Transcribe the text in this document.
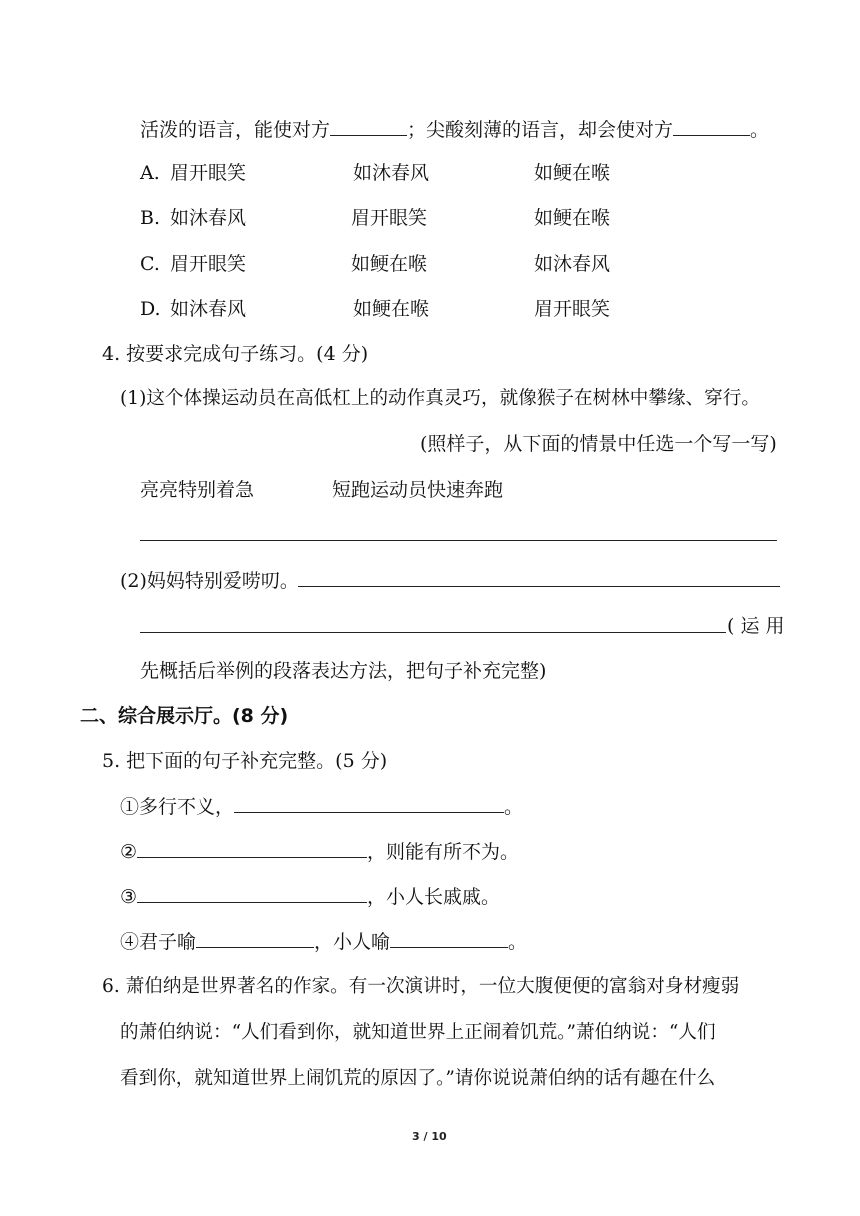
活泼的语言，能使对方	；尖酸刻薄的语言，却会使对方	。
A. 眉开眼笑	如沐春风	如鲠在喉
B. 如沐春风	眉开眼笑	如鲠在喉
C. 眉开眼笑	如鲠在喉	如沐春风
D. 如沐春风	如鲠在喉	眉开眼笑
4. 按要求完成句子练习。(4 分)
(1)这个体操运动员在高低杠上的动作真灵巧，就像猴子在树林中攀缘、穿行。
(照样子，从下面的情景中任选一个写一写)
亮亮特别着急	短跑运动员快速奔跑
(2)妈妈特别爱唠叨。
( 运 用
先概括后举例的段落表达方法，把句子补充完整)
二、综合展示厅。(8 分)
5. 把下面的句子补充完整。(5 分)
①多行不义，	。
②	，则能有所不为。
③	，小人长戚戚。
④君子喻	，小人喻	。
6. 萧伯纳是世界著名的作家。有一次演讲时，一位大腹便便的富翁对身材瘦弱
的萧伯纳说：“人们看到你，就知道世界上正闹着饥荒。”萧伯纳说：“人们
看到你，就知道世界上闹饥荒的原因了。”请你说说萧伯纳的话有趣在什么
3 / 10
